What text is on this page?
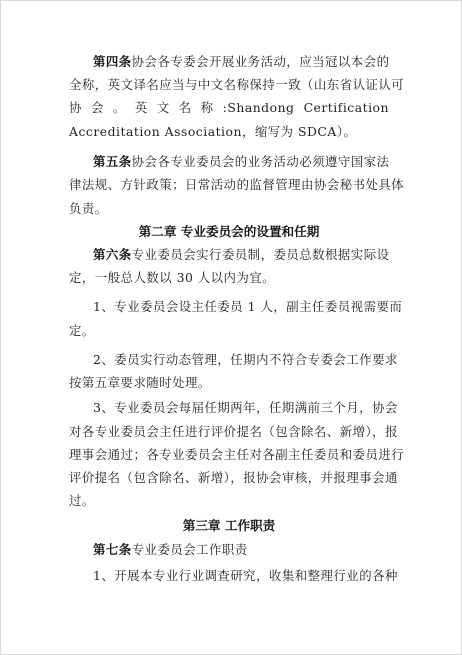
第四条协会各专委会开展业务活动，应当冠以本会的
全称，英文译名应当与中文名称保持一致（山东省认证认可
协 会 。 英 文 名 称 :Shandong Certification
Accreditation Association，缩写为 SDCA）。
第五条协会各专业委员会的业务活动必须遵守国家法
律法规、方针政策；日常活动的监督管理由协会秘书处具体
负责。
第二章 专业委员会的设置和任期
第六条专业委员会实行委员制，委员总数根据实际设
定，一般总人数以 30 人以内为宜。
1、专业委员会设主任委员 1 人，副主任委员视需要而
定。
2、委员实行动态管理，任期内不符合专委会工作要求
按第五章要求随时处理。
3、专业委员会每届任期两年，任期满前三个月，协会
对各专业委员会主任进行评价提名（包含除名、新增），报
理事会通过；各专业委员会主任对各副主任委员和委员进行
评价提名（包含除名、新增），报协会审核，并报理事会通
过。
第三章 工作职责
第七条专业委员会工作职责
1、开展本专业行业调查研究，收集和整理行业的各种
